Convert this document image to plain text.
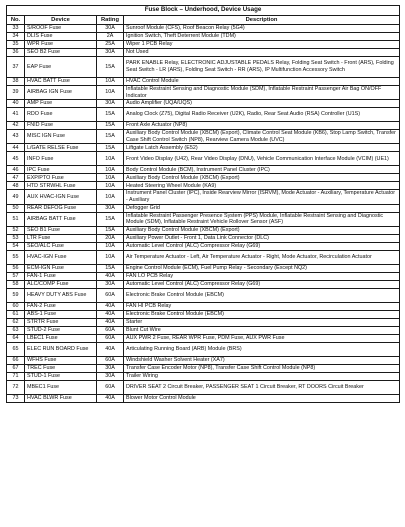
Fuse Block – Underhood, Device Usage			
No.	Device	Rating	Description
33	S/ROOF Fuse	30A	Sunroof Module (CFS), Roof Beacon Relay (5G4)
34	DLIS Fuse	2A	Ignition Switch, Theft Deterrent Module (TDM)
35	WPR Fuse	25A	Wiper 1 PCB Relay
36	SEO B2 Fuse	30A	Not Used
37	EAP Fuse	15A	PARK ENABLE Relay, ELECTRONIC ADJUSTABLE PEDALS Relay, Folding Seat Switch - Front (ARS), Folding Seat Switch - LR (ARS), Folding Seat Switch - RR (ARS), IP Multifunction Accessory Switch
38	HVAC BATT Fuse	10A	HVAC Control Module
39	AIRBAG IGN Fuse	10A	Inflatable Restraint Sensing and Diagnostic Module (SDM), Inflatable Restraint Passenger Air Bag ON/OFF Indicator
40	AMP Fuse	30A	Audio Amplifier (UQA/UQS)
41	RDO Fuse	15A	Analog Clock (Z75), Digital Radio Receiver (U2K), Radio, Rear Seat Audio (RSA) Controller (U1S)
42	FNID Fuse	15A	Front Axle Actuator (NP8)
43	MISC IGN Fuse	15A	Auxiliary Body Control Module (XBCM) (Export), Climate Control Seat Module (KB6), Stop Lamp Switch, Transfer Case Shift Control Switch (NP8), Rearview Camera Module (UVC)
44	L/GATE RELSE Fuse	15A	Liftgate Latch Assembly (E52)
45	INFO Fuse	10A	Front Video Display (U42), Rear Video Display (DNU), Vehicle Communication Interface Module (VCIM) (UE1)
46	IPC Fuse	10A	Body Control Module (BCM), Instrument Panel Cluster (IPC)
47	EXP/PTO Fuse	10A	Auxiliary Body Control Module (XBCM) (Export)
48	HTD STRWHL Fuse	10A	Heated Steering Wheel Module (KA9)
49	AUX HVAC-IGN Fuse	10A	Instrument Panel Cluster (IPC), Inside Rearview Mirror (ISRVM), Mode Actuator - Auxiliary, Temperature Actuator - Auxiliary
50	REAR DEFOG Fuse	30A	Defogger Grid
51	AIRBAG BATT Fuse	15A	Inflatable Restraint Passenger Presence System (PPS) Module, Inflatable Restraint Sensing and Diagnostic Module (SDM), Inflatable Restraint Vehicle Rollover Sensor (ASF)
52	SEO B1 Fuse	15A	Auxiliary Body Control Module (XBCM) (Export)
53	LTR Fuse	20A	Auxiliary Power Outlet - Front 1, Data Link Connector (DLC)
54	SEO/ALC Fuse	10A	Automatic Level Control (ALC) Compressor Relay (G69)
55	HVAC-IGN Fuse	10A	Air Temperature Actuator - Left, Air Temperature Actuator - Right, Mode Actuator, Recirculation Actuator
56	ECM-IGN Fuse	15A	Engine Control Module (ECM), Fuel Pump Relay - Secondary (Except NQ2)
57	FAN-1 Fuse	40A	FAN LO PCB Relay
58	ALC/COMP Fuse	30A	Automatic Level Control (ALC) Compressor Relay (G69)
59	HEAVY DUTY ABS Fuse	60A	Electronic Brake Control Module (EBCM)
60	FAN-2 Fuse	40A	FAN HI PCB Relay
61	ABS-1 Fuse	40A	Electronic Brake Control Module (EBCM)
62	STRTR Fuse	40A	Starter
63	STUD-2 Fuse	60A	Blunt Cut Wire
64	LBEC1 Fuse	60A	AUX PWR 2 Fuse, REAR WPR Fuse, PDM Fuse, AUX PWR Fuse
65	ELEC RUN BOARD Fuse	40A	Articulating Running Board (ARB) Module (BRS)
66	WFHS Fuse	60A	Windshield Washer Solvent Heater (XA7)
67	TREC Fuse	30A	Transfer Case Encoder Motor (NP8), Transfer Case Shift Control Module (NP8)
71	STUD-1 Fuse	30A	Trailer Wiring
72	MBEC1 Fuse	60A	DRIVER SEAT 2 Circuit Breaker, PASSENGER SEAT 1 Circuit Breaker, RT DOORS Circuit Breaker
73	HVAC BLWR Fuse	40A	Blower Motor Control Module
